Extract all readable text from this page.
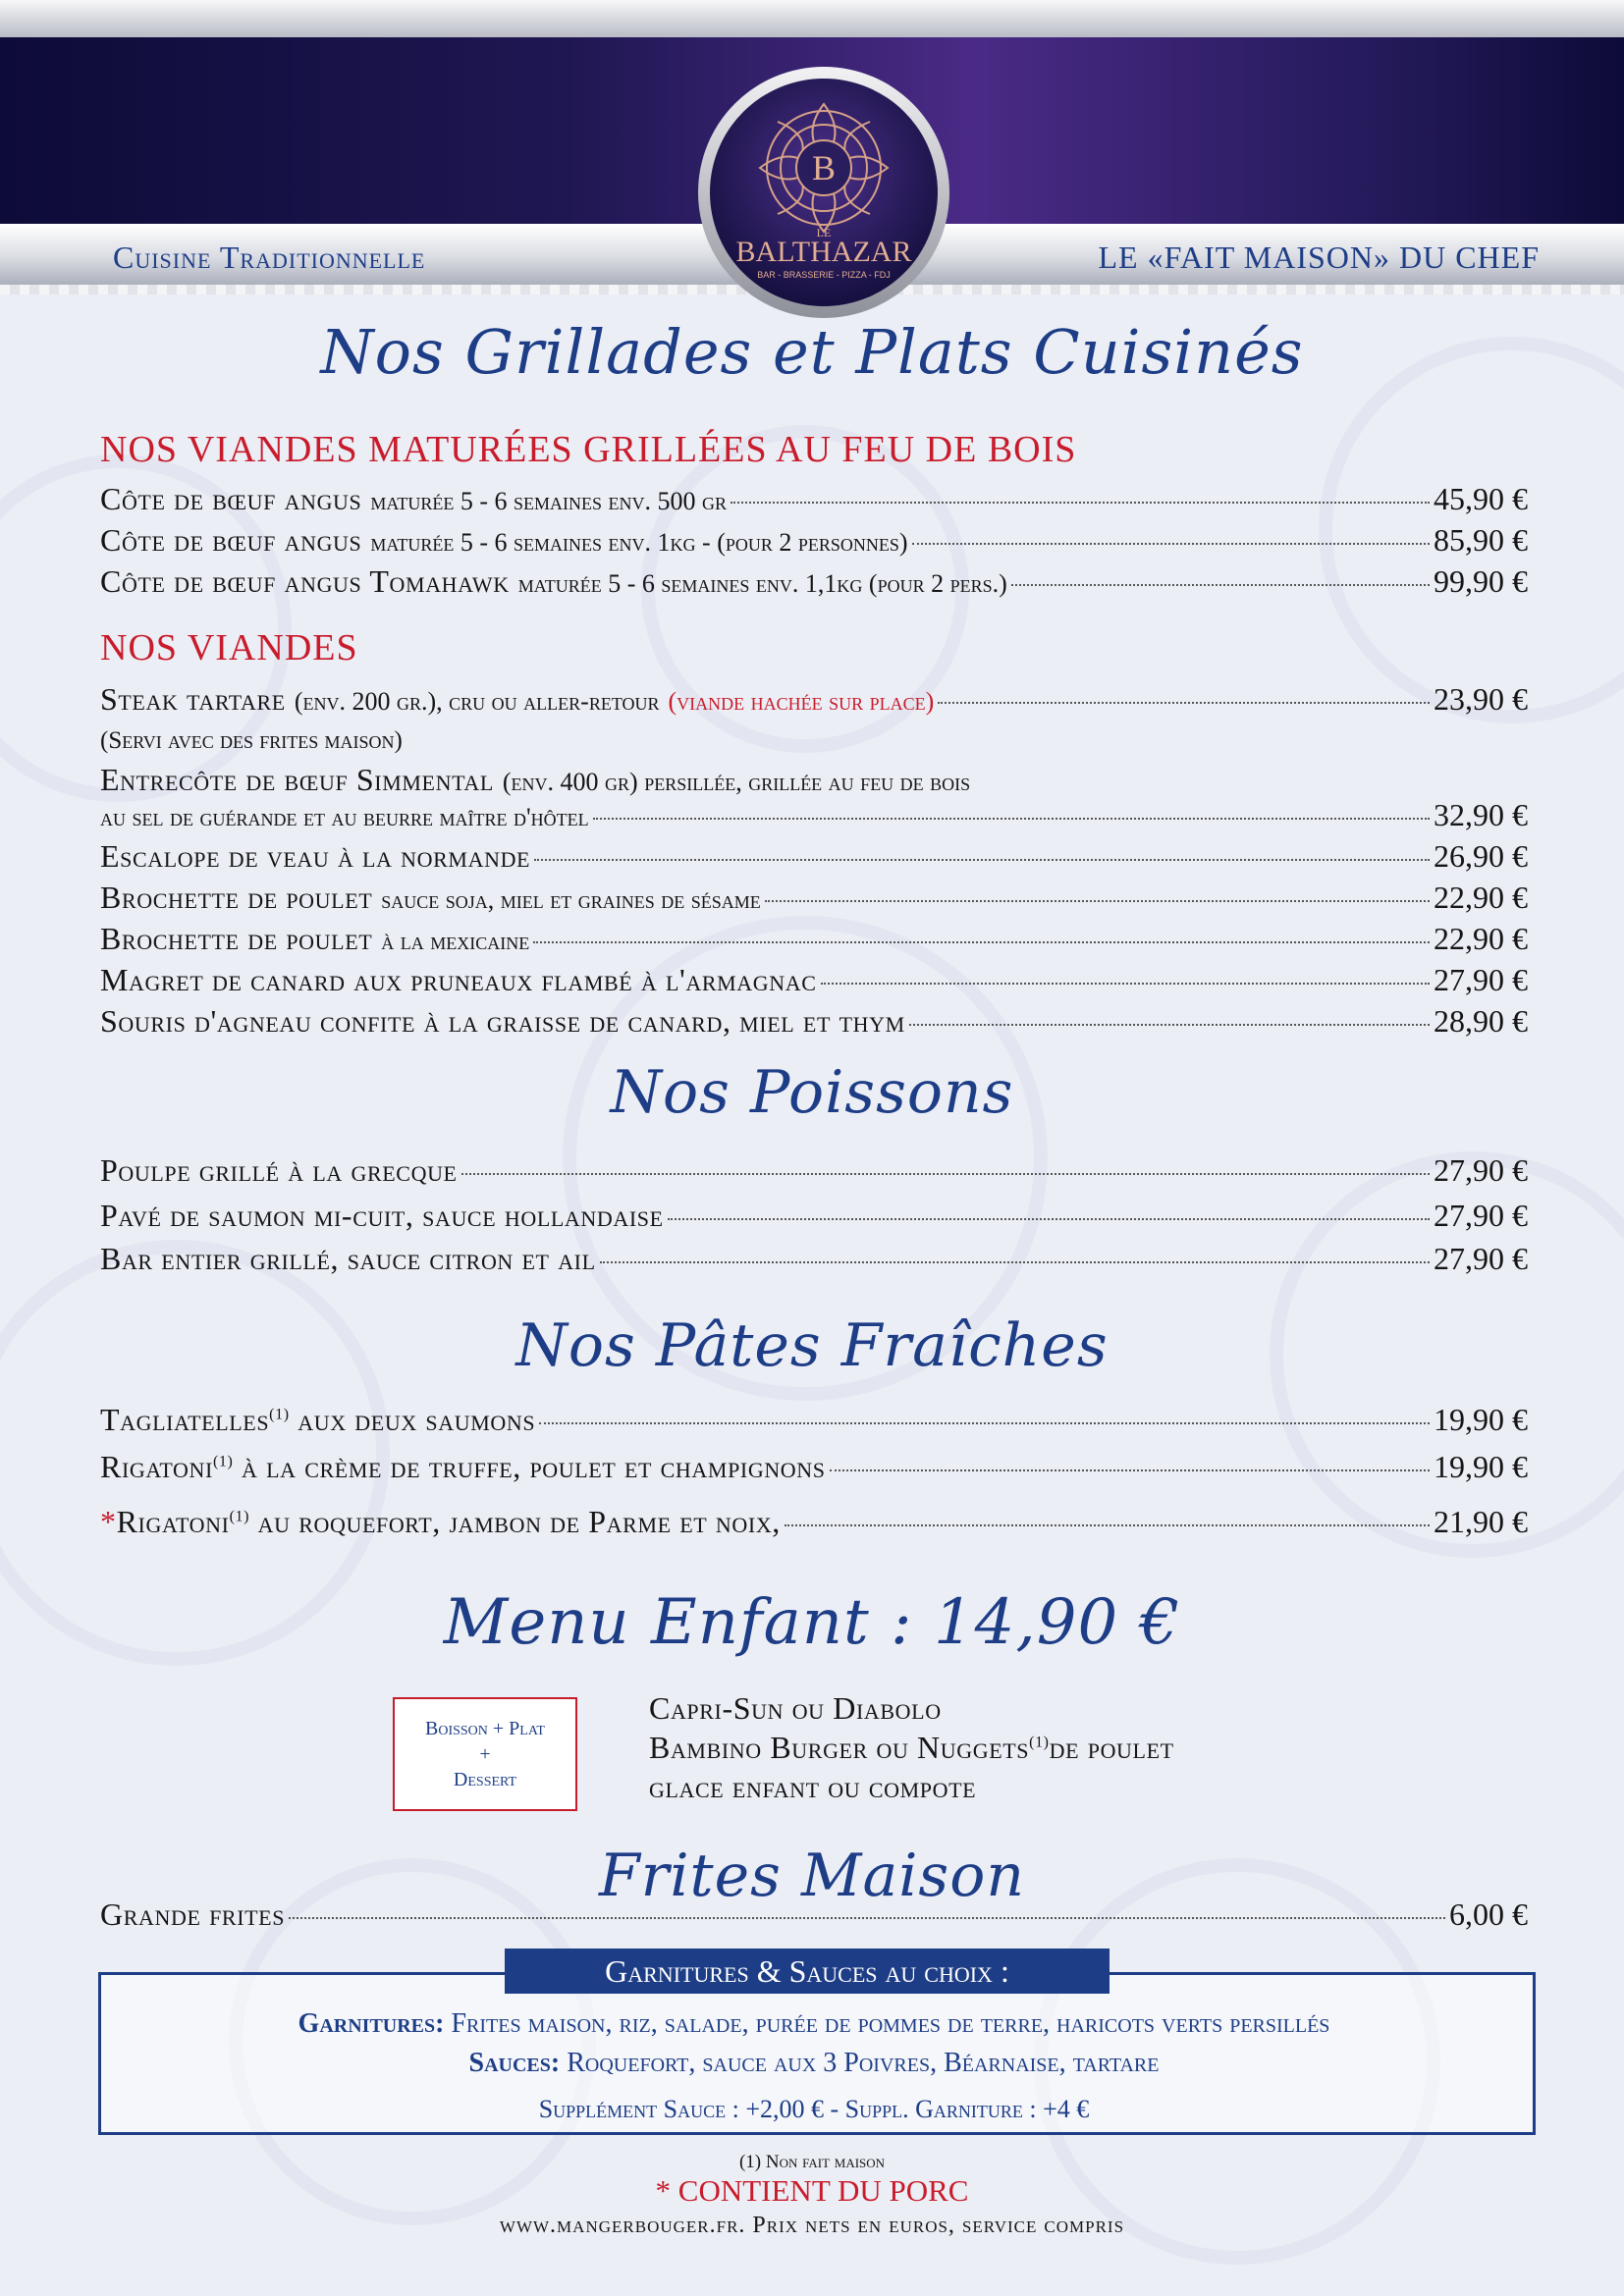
Cuisine Traditionnelle	LE «FAIT MAISON» DU CHEF
B
LE
BALTHAZAR
BAR - BRASSERIE - PIZZA - FDJ
Nos Grillades et Plats Cuisinés
NOS VIANDES MATURÉES GRILLÉES AU FEU DE BOIS
Côte de bœuf angus maturée 5 - 6 semaines env. 500 gr	45,90 €
Côte de bœuf angus maturée 5 - 6 semaines env. 1kg - (pour 2 personnes)	85,90 €
Côte de bœuf angus Tomahawk maturée 5 - 6 semaines env. 1,1kg (pour 2 pers.)	99,90 €
NOS VIANDES
Steak tartare (env. 200 gr.), cru ou aller-retour (viande hachée sur place)	23,90 €
(Servi avec des frites maison)
Entrecôte de bœuf Simmental (env. 400 gr) persillée, grillée au feu de bois
au sel de guérande et au beurre maître d'hôtel	32,90 €
Escalope de veau à la normande	26,90 €
Brochette de poulet sauce soja, miel et graines de sésame	22,90 €
Brochette de poulet à la mexicaine	22,90 €
Magret de canard aux pruneaux flambé à l'armagnac	27,90 €
Souris d'agneau confite à la graisse de canard, miel et thym	28,90 €
Nos Poissons
Poulpe grillé à la grecque	27,90 €
Pavé de saumon mi-cuit, sauce hollandaise	27,90 €
Bar entier grillé, sauce citron et ail	27,90 €
Nos Pâtes Fraîches
Tagliatelles$^{(1)}$ aux deux saumons	19,90 €
Rigatoni$^{(1)}$ à la crème de truffe, poulet et champignons	19,90 €
*Rigatoni$^{(1)}$ au roquefort, jambon de Parme et noix,	21,90 €
Menu Enfant : 14,90 €
Boisson + Plat
+
Dessert
Capri-Sun ou Diabolo
Bambino Burger ou Nuggets$^{(1)}$de poulet
glace enfant ou compote
Frites Maison
Grande frites	6,00 €
Garnitures & Sauces au choix :
Garnitures: Frites maison, riz, salade, purée de pommes de terre, haricots verts persillés
Sauces: Roquefort, sauce aux 3 Poivres, Béarnaise, tartare
Supplément Sauce : +2,00 € - Suppl. Garniture : +4 €
(1) Non fait maison
* CONTIENT DU PORC
www.mangerbouger.fr. Prix nets en euros, service compris
